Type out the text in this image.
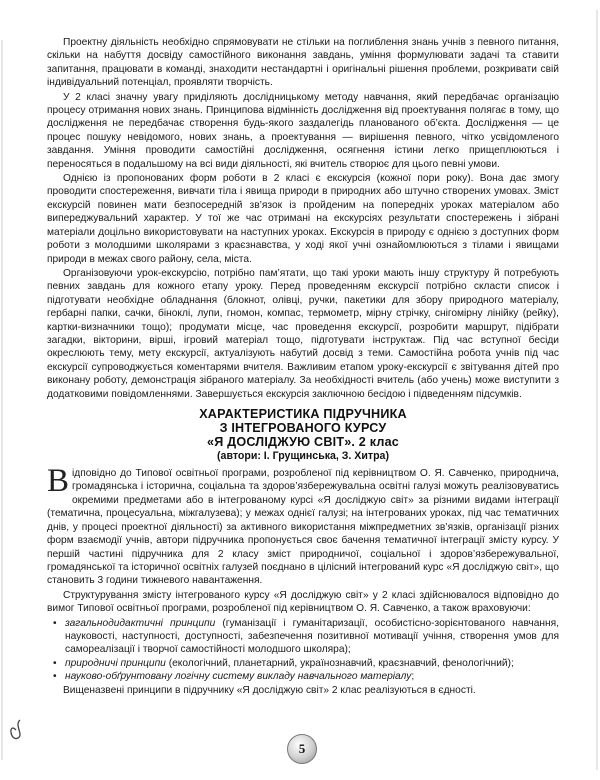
Проектну діяльність необхідно спрямовувати не стільки на поглиблення знань учнів з певного питання, скільки на набуття досвіду самостійного виконання завдань, уміння формулювати задачі та ставити запитання, працювати в команді, знаходити нестандартні і оригінальні рішення проблеми, розкривати свій індивідуальний потенціал, проявляти творчість.

У 2 класі значну увагу приділяють дослідницькому методу навчання, який передбачає організацію процесу отримання нових знань. Принципова відмінність дослідження від проектування полягає в тому, що дослідження не передбачає створення будь-якого заздалегідь планованого об’єкта. Дослідження — це процес пошуку невідомого, нових знань, а проектування — вирішення певного, чітко усвідомленого завдання. Уміння проводити самостійні дослідження, осягнення істини легко прищеплюються і переносяться в подальшому на всі види діяльності, які вчитель створює для цього певні умови.

Однією із пропонованих форм роботи в 2 класі є екскурсія (кожної пори року). Вона дає змогу проводити спостереження, вивчати тіла і явища природи в природних або штучно створених умовах. Зміст екскурсій повинен мати безпосередній зв’язок із пройденим на попередніх уроках матеріалом або випереджувальний характер. У тої же час отримані на екскурсіях результати спостережень і зібрані матеріали доцільно використовувати на наступних уроках. Екскурсія в природу є однією з доступних форм роботи з молодшими школярами з краєзнавства, у ході якої учні ознайомлюються з тілами і явищами природи в межах свого району, села, міста.

Організовуючи урок-екскурсію, потрібно пам’ятати, що такі уроки мають іншу структуру й потребують певних завдань для кожного етапу уроку. Перед проведенням екскурсії потрібно скласти список і підготувати необхідне обладнання (блокнот, олівці, ручки, пакетики для збору природного матеріалу, гербарні папки, сачки, біноклі, лупи, гномон, компас, термометр, мірну стрічку, снігомірну лінійку (рейку), картки-визначники тощо); продумати місце, час проведення екскурсії, розробити маршрут, підібрати загадки, вікторини, вірші, ігровий матеріал тощо, підготувати інструктаж. Під час вступної бесіди окреслюють тему, мету екскурсії, актуалізують набутий досвід з теми. Самостійна робота учнів під час екскурсії супроводжується коментарями вчителя. Важливим етапом уроку-екскурсії є звітування дітей про виконану роботу, демонстрація зібраного матеріалу. За необхідності вчитель (або учень) може виступити з додатковими повідомленнями. Завершується екскурсія заключною бесідою і підведенням підсумків.

ХАРАКТЕРИСТИКА ПІДРУЧНИКА
З ІНТЕГРОВАНОГО КУРСУ
«Я ДОСЛІДЖУЮ СВІТ». 2 клас
(автори: І. Грущинська, З. Хитра)

Відповідно до Типової освітньої програми, розробленої під керівництвом О. Я. Савченко, природнича, громадянська і історична, соціальна та здоров’язбережувальна освітні галузі можуть реалізовуватись окремими предметами або в інтегрованому курсі «Я досліджую світ» за різними видами інтеграції (тематична, процесуальна, міжгалузева); у межах однієї галузі; на інтегрованих уроках, під час тематичних днів, у процесі проектної діяльності) за активного використання міжпредметних зв’язків, організації різних форм взаємодії учнів, автори підручника пропонується своє бачення тематичної інтеграції змісту курсу. У першій частині підручника для 2 класу зміст природничої, соціальної і здоров’язбережувальної, громадянської та історичної освітніх галузей поєднано в цілісний інтегрований курс «Я досліджую світ», що становить 3 години тижневого навантаження.

Структурування змісту інтегрованого курсу «Я досліджую світ» у 2 класі здійснювалося відповідно до вимог Типової освітньої програми, розробленої під керівництвом О. Я. Савченко, а також враховуючи:

• загальнодидактичні принципи (гуманізації і гуманітаризації, особистісно-зорієнтованого навчання, науковості, наступності, доступності, забезпечення позитивної мотивації учіння, створення умов для самореалізації і творчої самостійності молодшого школяра);
• природничі принципи (екологічний, планетарний, українознавчий, краєзнавчий, фенологічний);
• науково-обґрунтовану логічну систему викладу навчального матеріалу;

Вищеназвені принципи в підручнику «Я досліджую світ» 2 клас реалізуються в єдності.

5
